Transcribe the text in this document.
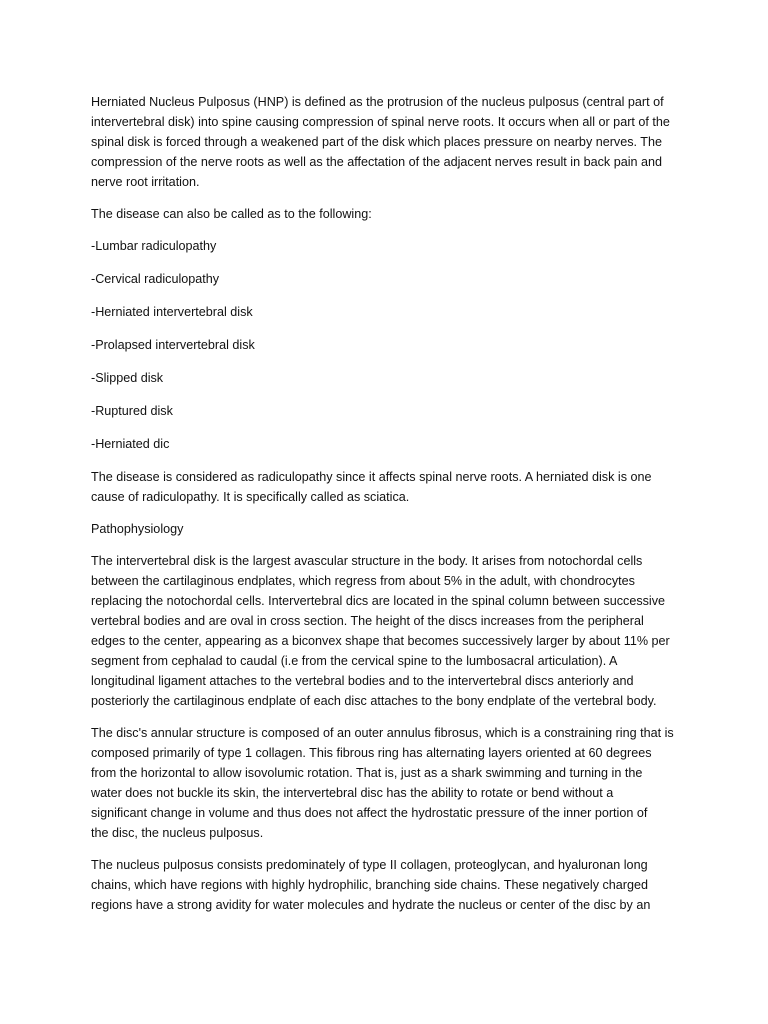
Herniated Nucleus Pulposus (HNP) is defined as the protrusion of the nucleus pulposus (central part of
intervertebral disk) into spine causing compression of spinal nerve roots. It occurs when all or part of the
spinal disk is forced through a weakened part of the disk which places pressure on nearby nerves. The
compression of the nerve roots as well as the affectation of the adjacent nerves result in back pain and
nerve root irritation.

The disease can also be called as to the following:

-Lumbar radiculopathy

-Cervical radiculopathy

-Herniated intervertebral disk

-Prolapsed intervertebral disk

-Slipped disk

-Ruptured disk

-Herniated dic

The disease is considered as radiculopathy since it affects spinal nerve roots. A herniated disk is one
cause of radiculopathy. It is specifically called as sciatica.

Pathophysiology

The intervertebral disk is the largest avascular structure in the body. It arises from notochordal cells
between the cartilaginous endplates, which regress from about 5% in the adult, with chondrocytes
replacing the notochordal cells. Intervertebral dics are located in the spinal column between successive
vertebral bodies and are oval in cross section. The height of the discs increases from the peripheral
edges to the center, appearing as a biconvex shape that becomes successively larger by about 11% per
segment from cephalad to caudal (i.e from the cervical spine to the lumbosacral articulation). A
longitudinal ligament attaches to the vertebral bodies and to the intervertebral discs anteriorly and
posteriorly the cartilaginous endplate of each disc attaches to the bony endplate of the vertebral body.

The disc's annular structure is composed of an outer annulus fibrosus, which is a constraining ring that is
composed primarily of type 1 collagen. This fibrous ring has alternating layers oriented at 60 degrees
from the horizontal to allow isovolumic rotation. That is, just as a shark swimming and turning in the
water does not buckle its skin, the intervertebral disc has the ability to rotate or bend without a
significant change in volume and thus does not affect the hydrostatic pressure of the inner portion of
the disc, the nucleus pulposus.

The nucleus pulposus consists predominately of type II collagen, proteoglycan, and hyaluronan long
chains, which have regions with highly hydrophilic, branching side chains. These negatively charged
regions have a strong avidity for water molecules and hydrate the nucleus or center of the disc by an
